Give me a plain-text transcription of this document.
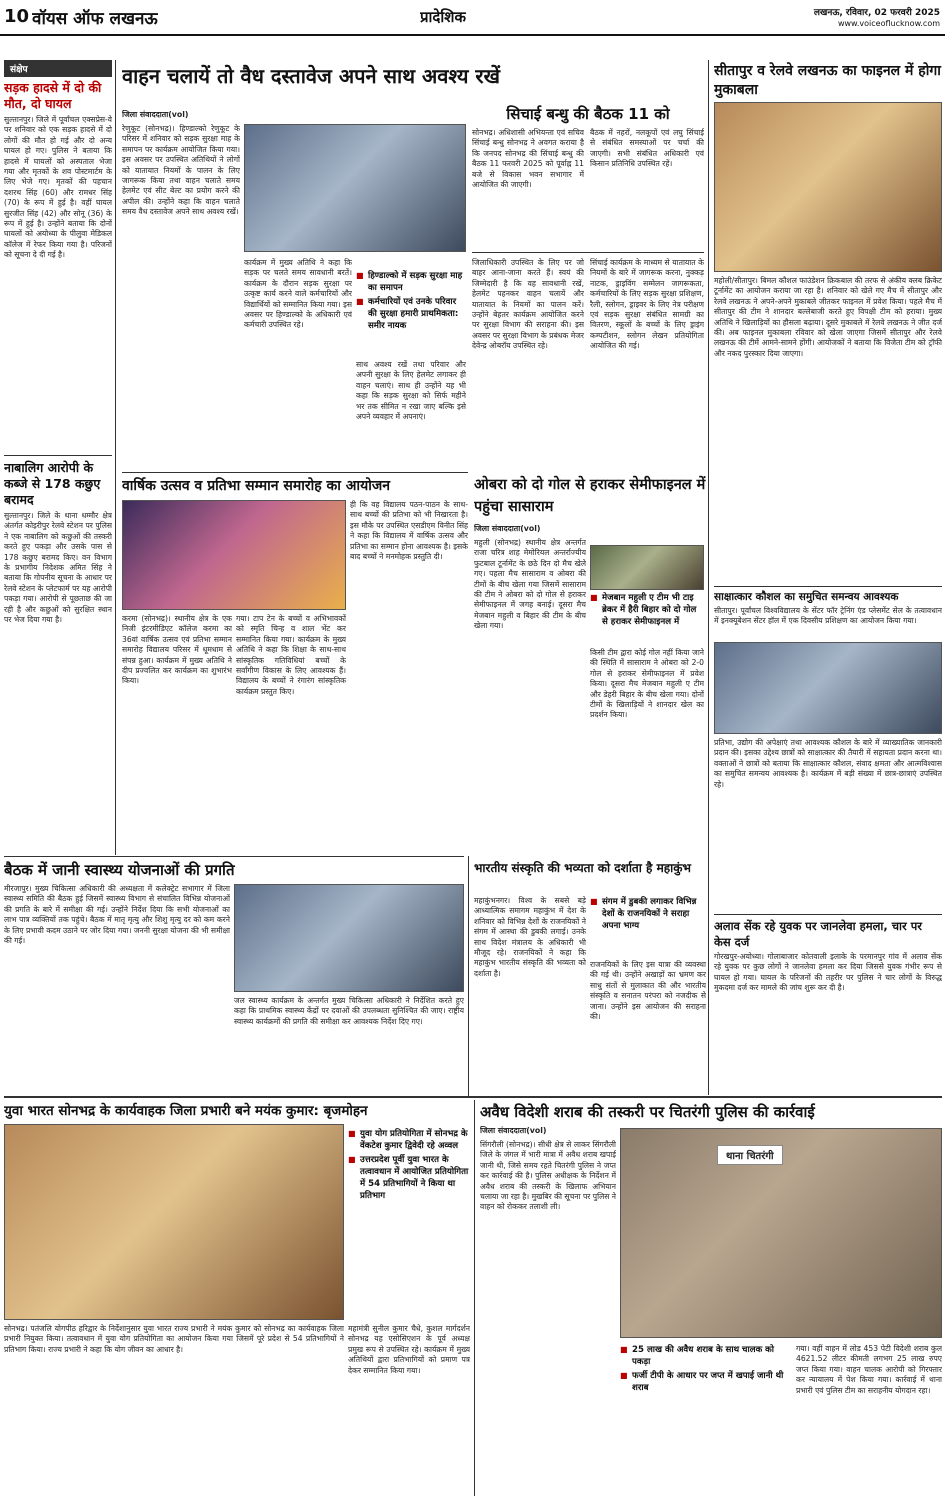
10 वॉयस ऑफ लखनऊ	प्रादेशिक	लखनऊ, रविवार, 02 फरवरी 2025
www.voiceoflucknow.com
संक्षेप
सड़क हादसे में दो की मौत, दो घायल
सुल्तानपुर। जिले में पूर्वांचल एक्सप्रेस-वे पर शनिवार को एक सड़क हादसे में दो लोगों की मौत हो गई और दो अन्य घायल हो गए। पुलिस ने बताया कि हादसे में घायलों को अस्पताल भेजा गया और मृतकों के शव पोस्टमार्टम के लिए भेजे गए। मृतकों की पहचान दशरथ सिंह (60) और रामधर सिंह (70) के रूप में हुई है। वहीं घायल सुरजीत सिंह (42) और सोनू (36) के रूप में हुई है। उन्होंने बताया कि दोनों घायलों को अयोध्या के पीलुवा मेडिकल कॉलेज में रेफर किया गया है। परिजनों को सूचना दे दी गई है।
नाबालिग आरोपी के कब्जे से 178 कछुए बरामद
सुल्तानपुर। जिले के थाना धम्मौर क्षेत्र अंतर्गत कोइरीपुर रेलवे स्टेशन पर पुलिस ने एक नाबालिग को कछुओं की तस्करी करते हुए पकड़ा और उसके पास से 178 कछुए बरामद किए। वन विभाग के प्रभागीय निदेशक अमित सिंह ने बताया कि गोपनीय सूचना के आधार पर रेलवे स्टेशन के प्लेटफार्म पर यह आरोपी पकड़ा गया। आरोपी से पूछताछ की जा रही है और कछुओं को सुरक्षित स्थान पर भेज दिया गया है।
वाहन चलायें तो वैध दस्तावेज अपने साथ अवश्य रखें
जिला संवाददाता(vol)
रेणुकूट (सोनभद्र)। हिण्डाल्को रेणुकूट के परिसर में शनिवार को सड़क सुरक्षा माह के समापन पर कार्यक्रम आयोजित किया गया। इस अवसर पर उपस्थित अतिथियों ने लोगों को यातायात नियमों के पालन के लिए जागरूक किया तथा वाहन चलाते समय हेलमेट एवं सीट बेल्ट का प्रयोग करने की अपील की। उन्होंने कहा कि वाहन चलाते समय वैध दस्तावेज अपने साथ अवश्य रखें।
कार्यक्रम में मुख्य अतिथि ने कहा कि सड़क पर चलते समय सावधानी बरतें। कार्यक्रम के दौरान सड़क सुरक्षा पर उत्कृष्ट कार्य करने वाले कर्मचारियों और विद्यार्थियों को सम्मानित किया गया। इस अवसर पर हिण्डाल्को के अधिकारी एवं कर्मचारी उपस्थित रहे।
■ हिण्डाल्को में सड़क सुरक्षा माह का समापन
■ कर्मचारियों एवं उनके परिवार की सुरक्षा हमारी प्राथमिकता: समीर नायक
साथ अवश्य रखें तथा परिवार और अपनी सुरक्षा के लिए हेलमेट लगाकर ही वाहन चलाएं। साथ ही उन्होंने यह भी कहा कि सड़क सुरक्षा को सिर्फ महीने भर तक सीमित न रखा जाए बल्कि इसे अपने व्यवहार में अपनाएं।
सिचाई बन्धु की बैठक 11 को
सोनभद्र। अधिशासी अभियन्ता एवं सचिव सिंचाई बन्धु सोनभद्र ने अवगत कराया है कि जनपद सोनभद्र की सिंचाई बन्धु की बैठक 11 फरवरी 2025 को पूर्वाह्न 11 बजे से विकास भवन सभागार में आयोजित की जाएगी।
बैठक में नहरों, नलकूपों एवं लघु सिंचाई से संबंधित समस्याओं पर चर्चा की जाएगी। सभी संबंधित अधिकारी एवं किसान प्रतिनिधि उपस्थित रहें।
जिलाधिकारी उपस्थित के लिए पर जो बाहर आना-जाना करते हैं। स्वयं की जिम्मेदारी है कि वह सावधानी रखें, हेलमेट पहनकर वाहन चलायें और यातायात के नियमों का पालन करें। उन्होंने बेहतर कार्यक्रम आयोजित करने पर सुरक्षा विभाग की सराहना की। इस अवसर पर सुरक्षा विभाग के प्रबंधक मेजर देवेन्द्र ओबरॉय उपस्थित रहे।
सिंचाई कार्यक्रम के माध्यम से यातायात के नियमों के बारे में जागरूक करना, नुक्कड़ नाटक, ड्राइविंग सम्मेलन जागरूकता, कर्मचारियों के लिए सड़क सुरक्षा प्रशिक्षण, रैली, स्लोगन, ड्राइवर के लिए नेत्र परीक्षण एवं सड़क सुरक्षा संबंधित सामग्री का वितरण, स्कूलों के बच्चों के लिए ड्राइंग कम्पटीशन, स्लोगन लेखन प्रतियोगिता आयोजित की गई।
वार्षिक उत्सव व प्रतिभा सम्मान समारोह का आयोजन
करमा (सोनभद्र)। स्थानीय क्षेत्र के एक निजी इंटरमीडिएट कॉलेज करमा का 36वां वार्षिक उत्सव एवं प्रतिभा सम्मान समारोह विद्यालय परिसर में धूमधाम से संपन्न हुआ। कार्यक्रम में मुख्य अतिथि ने दीप प्रज्वलित कर कार्यक्रम का शुभारंभ किया।
गया। टाप टेन के बच्चों व अभिभावकों को स्मृति चिन्ह व शाल भेंट कर सम्मानित किया गया। कार्यक्रम के मुख्य अतिथि ने कहा कि शिक्षा के साथ-साथ सांस्कृतिक गतिविधियां बच्चों के सर्वांगीण विकास के लिए आवश्यक हैं। विद्यालय के बच्चों ने रंगारंग सांस्कृतिक कार्यक्रम प्रस्तुत किए।
ही कि वह विद्यालय पठन-पाठन के साथ-साथ बच्चों की प्रतिभा को भी निखारता है। इस मौके पर उपस्थित एसडीएम विनीत सिंह ने कहा कि विद्यालय में वार्षिक उत्सव और प्रतिभा का सम्मान होना आवश्यक है। इसके बाद बच्चों ने मनमोहक प्रस्तुति दी।
ओबरा को दो गोल से हराकर सेमीफाइनल में पहुंचा सासाराम
जिला संवाददाता(vol)
महुली (सोनभद्र) स्थानीय क्षेत्र अन्तर्गत राजा चरित्र शाह मेमोरियल अन्तर्राज्यीय फुटबाल टूर्नामेंट के छठे दिन दो मैच खेले गए। पहला मैच सासाराम व ओबरा की टीमों के बीच खेला गया जिसमें सासाराम की टीम ने ओबरा को दो गोल से हराकर सेमीफाइनल में जगह बनाई। दूसरा मैच मेजबान महुली व बिहार की टीम के बीच खेला गया।
■ मेजबान महुली ए टीम भी टाइ ब्रेकर में हैरी बिहार को दो गोल से हराकर सेमीफाइनल में
किसी टीम द्वारा कोई गोल नहीं किया जाने की स्थिति में सासाराम ने ओबरा को 2-0 गोल से हराकर सेमीफाइनल में प्रवेश किया। दूसरा मैच मेजबान महुली ए टीम और डेहरी बिहार के बीच खेला गया। दोनों टीमों के खिलाड़ियों ने शानदार खेल का प्रदर्शन किया।
सीतापुर व रेलवे लखनऊ का फाइनल में होगा मुकाबला
महोली/सीतापुर। बिमल कौशल फाउंडेशन क्रिकबाल की तरफ से अंकीय क्लब क्रिकेट टूर्नामेंट का आयोजन कराया जा रहा है। शनिवार को खेले गए मैच में सीतापुर और रेलवे लखनऊ ने अपने-अपने मुकाबले जीतकर फाइनल में प्रवेश किया। पहले मैच में सीतापुर की टीम ने शानदार बल्लेबाजी करते हुए विपक्षी टीम को हराया। मुख्य अतिथि ने खिलाड़ियों का हौसला बढ़ाया। दूसरे मुकाबले में रेलवे लखनऊ ने जीत दर्ज की। अब फाइनल मुकाबला रविवार को खेला जाएगा जिसमें सीतापुर और रेलवे लखनऊ की टीमें आमने-सामने होंगी। आयोजकों ने बताया कि विजेता टीम को ट्रॉफी और नकद पुरस्कार दिया जाएगा।
साक्षात्कार कौशल का समुचित समन्वय आवश्यक
सीतापुर। पूर्वांचल विश्वविद्यालय के सेंटर फॉर ट्रेनिंग एंड प्लेसमेंट सेल के तत्वावधान में इनक्यूबेशन सेंटर हॉल में एक दिवसीय प्रशिक्षण का आयोजन किया गया।
प्रतिभा, उद्योग की अपेक्षाएं तथा आवश्यक कौशल के बारे में व्याख्यातिक जानकारी प्रदान की। इसका उद्देश्य छात्रों को साक्षात्कार की तैयारी में सहायता प्रदान करना था। वक्ताओं ने छात्रों को बताया कि साक्षात्कार कौशल, संवाद क्षमता और आत्मविश्वास का समुचित समन्वय आवश्यक है। कार्यक्रम में बड़ी संख्या में छात्र-छात्राएं उपस्थित रहे।
अलाव सेंक रहे युवक पर जानलेवा हमला, चार पर केस दर्ज
गोरखपुर-अयोध्या। गोलाबाजार कोतवाली इलाके के परमानपुर गांव में अलाव सेंक रहे युवक पर कुछ लोगों ने जानलेवा हमला कर दिया जिससे युवक गंभीर रूप से घायल हो गया। घायल के परिजनों की तहरीर पर पुलिस ने चार लोगों के विरुद्ध मुकदमा दर्ज कर मामले की जांच शुरू कर दी है।
बैठक में जानी स्वास्थ्य योजनाओं की प्रगति
मीरजापुर। मुख्य चिकित्सा अधिकारी की अध्यक्षता में कलेक्ट्रेट सभागार में जिला स्वास्थ्य समिति की बैठक हुई जिसमें स्वास्थ्य विभाग से संचालित विभिन्न योजनाओं की प्रगति के बारे में समीक्षा की गई। उन्होंने निर्देश दिया कि सभी योजनाओं का लाभ पात्र व्यक्तियों तक पहुंचे। बैठक में मातृ मृत्यु और शिशु मृत्यु दर को कम करने के लिए प्रभावी कदम उठाने पर जोर दिया गया। जननी सुरक्षा योजना की भी समीक्षा की गई।
जल स्वास्थ्य कार्यक्रम के अन्तर्गत मुख्य चिकित्सा अधिकारी ने निर्देशित करते हुए कहा कि प्राथमिक स्वास्थ्य केंद्रों पर दवाओं की उपलब्धता सुनिश्चित की जाए। राष्ट्रीय स्वास्थ्य कार्यक्रमों की प्रगति की समीक्षा कर आवश्यक निर्देश दिए गए।
भारतीय संस्कृति की भव्यता को दर्शाता है महाकुंभ
महाकुंभनगर। विश्व के सबसे बड़े आध्यात्मिक समागम महाकुंभ में देश के शनिवार को विभिन्न देशों के राजनयिकों ने संगम में आस्था की डुबकी लगाई। उनके साथ विदेश मंत्रालय के अधिकारी भी मौजूद रहे। राजनयिकों ने कहा कि महाकुंभ भारतीय संस्कृति की भव्यता को दर्शाता है।
■ संगम में डुबकी लगाकर विभिन्न देशों के राजनयिकों ने सराहा अपना भाग्य
राजनयिकों के लिए इस यात्रा की व्यवस्था की गई थी। उन्होंने अखाड़ों का भ्रमण कर साधु संतों से मुलाकात की और भारतीय संस्कृति व सनातन परंपरा को नजदीक से जाना। उन्होंने इस आयोजन की सराहना की।
युवा भारत सोनभद्र के कार्यवाहक जिला प्रभारी बने मयंक कुमार: बृजमोहन
■ युवा योग प्रतियोगिता में सोनभद्र के वेंकटेश कुमार द्विवेदी रहे अव्वल
■ उत्तरप्रदेश पूर्वी युवा भारत के तत्वावधान में आयोजित प्रतियोगिता में 54 प्रतिभागियों ने किया था प्रतिभाग
सोनभद्र। पतंजलि योगपीठ हरिद्वार के निर्देशानुसार युवा भारत राज्य प्रभारी ने मयंक कुमार को सोनभद्र का कार्यवाहक जिला प्रभारी नियुक्त किया। तत्वावधान में युवा योग प्रतियोगिता का आयोजन किया गया जिसमें पूरे प्रदेश से 54 प्रतिभागियों ने प्रतिभाग किया। राज्य प्रभारी ने कहा कि योग जीवन का आधार है।
महामंत्री सुनील कुमार चैधे, कुशल मार्गदर्शन सोनभद्र यह एसोसिएशन के पूर्व अध्यक्ष प्रमुख रूप से उपस्थित रहे। कार्यक्रम में मुख्य अतिथियों द्वारा प्रतिभागियों को प्रमाण पत्र देकर सम्मानित किया गया।
अवैध विदेशी शराब की तस्करी पर चितरंगी पुलिस की कार्रवाई
जिला संवाददाता(vol)
सिंगरौली (सोनभद्र)। सीधी क्षेत्र से लाकर सिंगरौली जिले के जंगल में भारी मात्रा में अवैध शराब खपाई जानी थी, जिसे समय रहते चितरंगी पुलिस ने जप्त कर कार्रवाई की है। पुलिस अधीक्षक के निर्देशन में अवैध शराब की तस्करी के खिलाफ अभियान चलाया जा रहा है। मुखबिर की सूचना पर पुलिस ने वाहन को रोककर तलाशी ली।
थाना चितरंगी
■ 25 लाख की अवैध शराब के साथ चालक को पकड़ा
■ फर्जी टीपी के आधार पर जप्त में खपाई जानी थी शराब
गया। वहीं वाहन में लोड 453 पेटी विदेशी शराब कुल 4621.52 लीटर कीमती लगभग 25 लाख रुपए जप्त किया गया। वाहन चालक आरोपी को गिरफ्तार कर न्यायालय में पेश किया गया। कार्रवाई में थाना प्रभारी एवं पुलिस टीम का सराहनीय योगदान रहा।
